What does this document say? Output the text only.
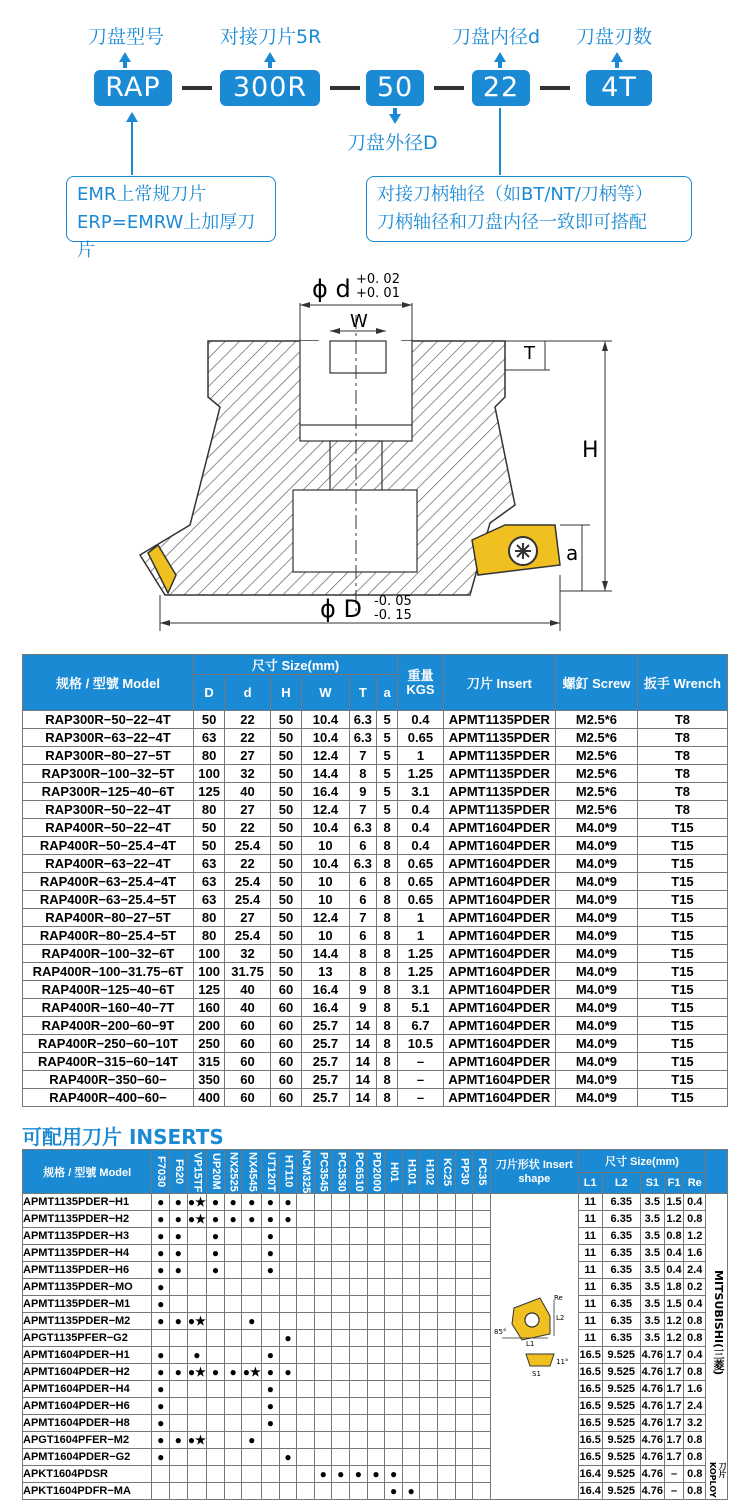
刀盘型号	对接刀片5R	刀盘内径d 刀盘刃数
RAP	300R	50	22	4T
刀盘外径D
EMR上常规刀片
ERP=EMRW上加厚刀片
对接刀柄轴径（如BT/NT/刀柄等）
刀柄轴径和刀盘内径一致即可搭配
ϕ d +0. 02
+0. 01
W
T
H
a
ϕ D -0. 05
-0. 15
规格 / 型號 Model	尺寸 Size(mm)						重量 KGS	刀片 Insert	螺釘 Screw	扳手 Wrench
	D	d	H	W	T	a				
RAP300R−50−22−4T	50	22	50	10.4	6.3	5	0.4	APMT1135PDER	M2.5*6	T8
RAP300R−63−22−4T	63	22	50	10.4	6.3	5	0.65	APMT1135PDER	M2.5*6	T8
RAP300R−80−27−5T	80	27	50	12.4	7	5	1	APMT1135PDER	M2.5*6	T8
RAP300R−100−32−5T	100	32	50	14.4	8	5	1.25	APMT1135PDER	M2.5*6	T8
RAP300R−125−40−6T	125	40	50	16.4	9	5	3.1	APMT1135PDER	M2.5*6	T8
RAP300R−50−22−4T	80	27	50	12.4	7	5	0.4	APMT1135PDER	M2.5*6	T8
RAP400R−50−22−4T	50	22	50	10.4	6.3	8	0.4	APMT1604PDER	M4.0*9	T15
RAP400R−50−25.4−4T	50	25.4	50	10	6	8	0.4	APMT1604PDER	M4.0*9	T15
RAP400R−63−22−4T	63	22	50	10.4	6.3	8	0.65	APMT1604PDER	M4.0*9	T15
RAP400R−63−25.4−4T	63	25.4	50	10	6	8	0.65	APMT1604PDER	M4.0*9	T15
RAP400R−63−25.4−5T	63	25.4	50	10	6	8	0.65	APMT1604PDER	M4.0*9	T15
RAP400R−80−27−5T	80	27	50	12.4	7	8	1	APMT1604PDER	M4.0*9	T15
RAP400R−80−25.4−5T	80	25.4	50	10	6	8	1	APMT1604PDER	M4.0*9	T15
RAP400R−100−32−6T	100	32	50	14.4	8	8	1.25	APMT1604PDER	M4.0*9	T15
RAP400R−100−31.75−6T	100	31.75	50	13	8	8	1.25	APMT1604PDER	M4.0*9	T15
RAP400R−125−40−6T	125	40	60	16.4	9	8	3.1	APMT1604PDER	M4.0*9	T15
RAP400R−160−40−7T	160	40	60	16.4	9	8	5.1	APMT1604PDER	M4.0*9	T15
RAP400R−200−60−9T	200	60	60	25.7	14	8	6.7	APMT1604PDER	M4.0*9	T15
RAP400R−250−60−10T	250	60	60	25.7	14	8	10.5	APMT1604PDER	M4.0*9	T15
RAP400R−315−60−14T	315	60	60	25.7	14	8	–	APMT1604PDER	M4.0*9	T15
RAP400R−350−60−	350	60	60	25.7	14	8	–	APMT1604PDER	M4.0*9	T15
RAP400R−400−60−	400	60	60	25.7	14	8	–	APMT1604PDER	M4.0*9	T15
可配用刀片 INSERTS
规格 / 型號 Model	F7030	F620	VP15TF	UP20M	NX2525	NX4545	UT120T	HT110	NCM325	PC3545	PC3530	PC6510	PD2000	H01	H101	H102	KC25	PP30	PC35	刀片形状 Insert shape	尺寸 Size(mm)					
																					L1	L2	S1	F1	Re	
APMT1135PDER−H1	●	●	●★	●	●	●	●	●													11	6.35	3.5	1.5	0.4	
APMT1135PDER−H2	●	●	●★	●	●	●	●	●													11	6.35	3.5	1.2	0.8	
APMT1135PDER−H3	●	●		●			●														11	6.35	3.5	0.8	1.2	
APMT1135PDER−H4	●	●		●			●														11	6.35	3.5	0.4	1.6	
APMT1135PDER−H6	●	●		●			●														11	6.35	3.5	0.4	2.4	
APMT1135PDER−MO	●																				11	6.35	3.5	1.8	0.2	
APMT1135PDER−M1	●																				11	6.35	3.5	1.5	0.4	
APMT1135PDER−M2	●	●	●★			●															11	6.35	3.5	1.2	0.8	
APGT1135PFER−G2								●													11	6.35	3.5	1.2	0.8	
APMT1604PDER−H1	●		●				●														16.5	9.525	4.76	1.7	0.4	
APMT1604PDER−H2	●	●	●★	●	●	●★	●	●													16.5	9.525	4.76	1.7	0.8	
APMT1604PDER−H4	●						●														16.5	9.525	4.76	1.7	1.6	
APMT1604PDER−H6	●						●														16.5	9.525	4.76	1.7	2.4	
APMT1604PDER−H8	●						●														16.5	9.525	4.76	1.7	3.2	
APGT1604PFER−M2	●	●	●★			●															16.5	9.525	4.76	1.7	0.8	
APMT1604PDER−G2	●							●													16.5	9.525	4.76	1.7	0.8	
APKT1604PDSR										●	●	●	●	●							16.4	9.525	4.76	–	0.8	
APKT1604PDFR−MA														●	●						16.4	9.525	4.76	–	0.8	
Re
L2
L1
85°
11°
S1	MITSUBISHI(三菱)
刀片 KOPLOY
